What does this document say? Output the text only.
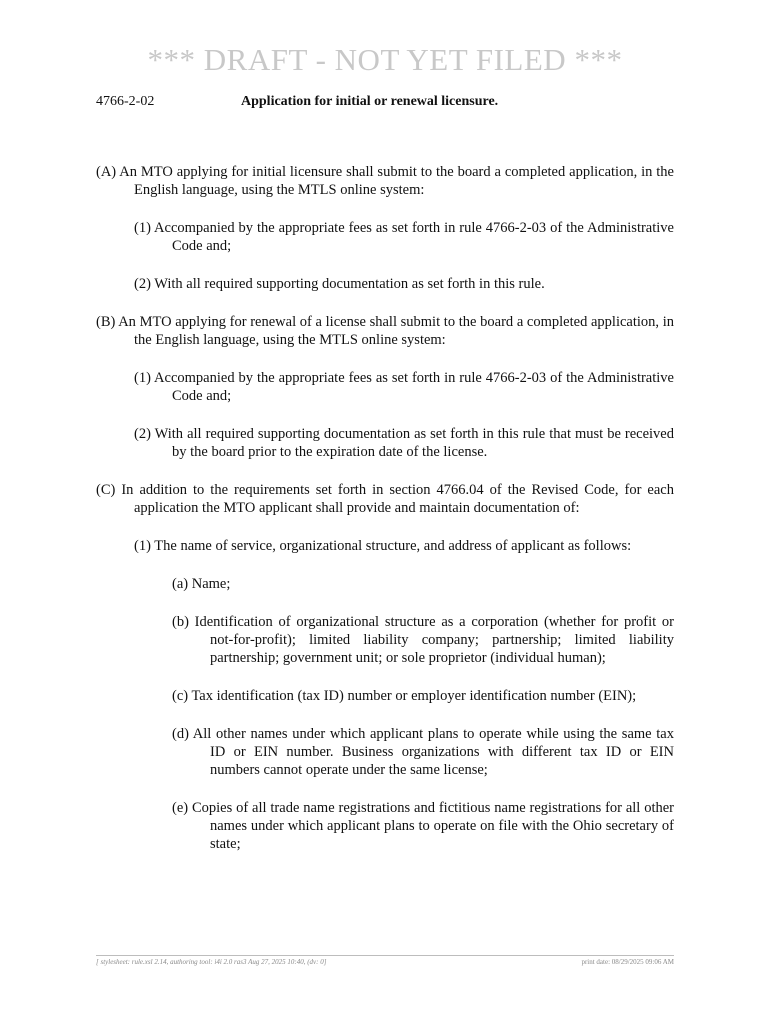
*** DRAFT - NOT YET FILED ***
4766-2-02	Application for initial or renewal licensure.

(A) An MTO applying for initial licensure shall submit to the board a completed application, in the English language, using the MTLS online system:

(1) Accompanied by the appropriate fees as set forth in rule 4766-2-03 of the Administrative Code and;

(2) With all required supporting documentation as set forth in this rule.

(B) An MTO applying for renewal of a license shall submit to the board a completed application, in the English language, using the MTLS online system:

(1) Accompanied by the appropriate fees as set forth in rule 4766-2-03 of the Administrative Code and;

(2) With all required supporting documentation as set forth in this rule that must be received by the board prior to the expiration date of the license.

(C) In addition to the requirements set forth in section 4766.04 of the Revised Code, for each application the MTO applicant shall provide and maintain documentation of:

(1) The name of service, organizational structure, and address of applicant as follows:

(a) Name;

(b) Identification of organizational structure as a corporation (whether for profit or not-for-profit); limited liability company; partnership; limited liability partnership; government unit; or sole proprietor (individual human);

(c) Tax identification (tax ID) number or employer identification number (EIN);

(d) All other names under which applicant plans to operate while using the same tax ID or EIN number. Business organizations with different tax ID or EIN numbers cannot operate under the same license;

(e) Copies of all trade name registrations and fictitious name registrations for all other names under which applicant plans to operate on file with the Ohio secretary of state;

[ stylesheet: rule.xsl 2.14, authoring tool: i4i 2.0 ras3 Aug 27, 2025 10:40, (dv: 0]	print date: 08/29/2025 09:06 AM
